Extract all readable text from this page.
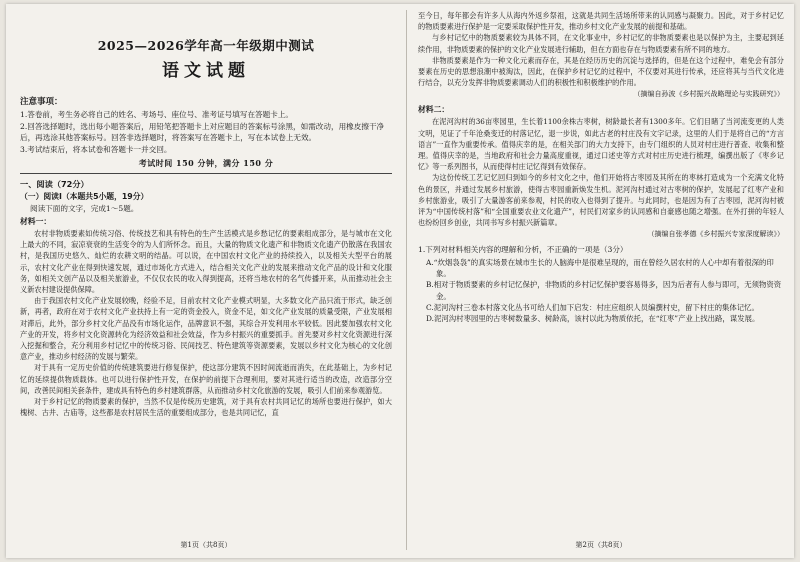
2025—2026学年高一年级期中测试
语文试题
注意事项：

1.答卷前，考生务必将自己的姓名、考场号、座位号、准考证号填写在答题卡上。

2.回答选择题时，选出每小题答案后，用铅笔把答题卡上对应题目的答案标号涂黑，如需改动，用橡皮擦干净后，再选涂其他答案标号。回答非选择题时，将答案写在答题卡上，写在本试卷上无效。

3.考试结束后，将本试卷和答题卡一并交回。

考试时间 150 分钟，满分 150 分
一、阅读（72分）
（一）阅读Ⅰ（本题共5小题，19分）
阅读下面的文字，完成1～5题。
材料一：

农村非物质要素如传统习俗、传统技艺和具有特色的生产生活模式是乡愁记忆的要素组成部分，是与城市在文化上最大的不同，寂凉衰衰的生活变令的为人们所怀念。而且，大量的物质文化遗产和非物质文化遗产仍散落在我国农村，是我国历史悠久、灿烂的农耕文明的结晶。可以说，在中国农村文化产业的持续投入，以及相关大型平台的展示，农村文化产业在得到快速发展，通过市场化方式进入，结合相关文化产业的发展来推动文化产品的设计和文化服务，如相关文创产品以及相关旅游业，不仅仅农民的收入得到提高，还将当地农村的名气传播开来，从而推动社会主义新农村建设提供保障。

由于我国农村文化产业发展较晚，经验不足，目前农村文化产业模式明显，大多数文化产品只流于形式，缺乏创新，再者，政府在对于农村文化产业扶持上有一定的资金投入，资金不足，如文化产业发展的质量受限，产业发展相对滞后，此外，部分乡村文化产品没有市场化运作，品牌意识不强，其综合开发利用水平较低。因此要加强农村文化产业的开发，将乡村文化资源转化为经济效益和社会效益，作为乡村振兴的重要抓手。首先要对乡村文化资源进行深入挖掘和整合，充分利用乡村记忆中的传统习俗、民间技艺、特色建筑等资源要素，发展以乡村文化为核心的文化创意产业，推动乡村经济的发展与繁荣。

对于具有一定历史价值的传统建筑要进行修复保护，使这部分建筑不因时间流逝而消失，在此基础上，为乡村记忆的延续提供物质载体。也可以进行保护性开发，在保护的前提下合理利用，要对其进行适当的改造，改造部分空间，改善民间相关套条件，建成具有特色的乡村建筑群落，从而推动乡村文化旅游的发展，吸引人们前来参观游览。

对于乡村记忆的物质要素的保护，当然不仅是传统历史建筑，对于具有农村共同记忆的场所也要进行保护，如大槐树、古井、古庙等，这些都是农村居民生活的重要组成部分，也是共同记忆，直

第1页（共8页）

至今日，每年都会有许多人从海内外返乡祭祖，这就是共同生活场所带来的认同感与凝聚力。因此，对于乡村记忆的物质要素进行保护是一定要采取保护性开发，推动乡村文化产业发展的前提和基础。

与乡村记忆中的物质要素较为具体不同，在文化事业中，乡村记忆的非物质要素也是以保护为主，主要起到延续作用，非物质要素的保护的文化产业发展进行辅助，但在方面也存在与物质要素有所不同的地方。

非物质要素是作为一种文化元素而存在，其是在经历历史的沉淀与选择的，但是在这个过程中，难免会有部分要素在历史的思想浪潮中被淘汰，因此，在保护乡村记忆的过程中，不仅要对其进行传承，还应将其与当代文化进行结合，以充分发挥非物质要素调动人们的积极性和积极维护的作用。

（摘编自孙波《乡村振兴战略理论与实践研究》）
材料二：

在泥河沟村的36亩枣园里，生长着1100余株古枣树，树龄最长者有1300多年。它们目睹了当河流变更的人类文明，见证了千年沧桑变迁的村落记忆，退一步说，如此古老的村庄没有文字记录，这里的人们于是将自己的“方言语言”一直作为重要传承。值得庆幸的是，在相关部门的大力支持下，由专门组织的人员对村庄进行普查、收集和整理。值得庆幸的是，当地政府和社会力量高度重视，通过口述史等方式对村庄历史进行梳理，编撰出版了《枣乡记忆》等一系列图书，从而使得村庄记忆得到有效保存。

为这份传统工艺记忆回归到如今的乡村文化之中，他们开始将古枣园及其所在的枣林打造成为一个充满文化特色的景区，并通过发展乡村旅游，使得古枣园重新焕发生机。泥河沟村通过对古枣树的保护，发展起了红枣产业和乡村旅游业，吸引了大量游客前来参观，村民的收入也得到了提升。与此同时，也是因为有了古枣园，泥河沟村被评为“中国传统村落”和“全国重要农业文化遗产”，村民们对家乡的认同感和自豪感也随之增强。在外打拼的年轻人也纷纷回乡创业，共同书写乡村振兴新篇章。

（摘编自张孝德《乡村振兴专家深度解读》）

1.下列对材料相关内容的理解和分析，不正确的一项是（3分）

A.“炊烟袅袅”的真实场景在城市生长的人脑海中是很难呈现的，而在曾经久居农村的人心中却有着很深的印象。

B.相对于物质要素的乡村记忆保护，非物质的乡村记忆保护要容易得多，因为后者有人参与即可，无须物资资金。

C.泥河沟村三卷本村落文化丛书可给人们加下启发：村庄应组织人员编撰村史，留下村庄的集体记忆。

D.泥河沟村枣园里的古枣树数量多、树龄高，该村以此为物质依托，在“红枣”产业上找出路，谋发展。

第2页（共8页）
